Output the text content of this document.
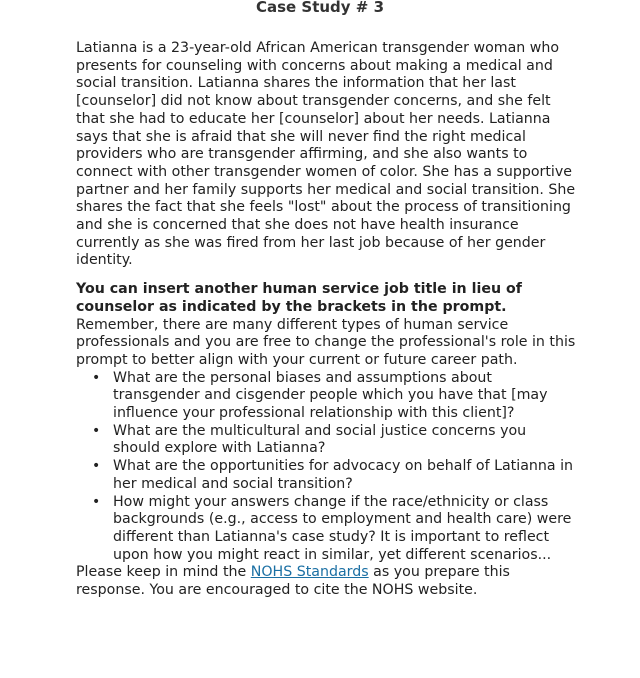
Case Study # 3

Latianna is a 23-year-old African American transgender woman who presents for counseling with concerns about making a medical and social transition. Latianna shares the information that her last [counselor] did not know about transgender concerns, and she felt that she had to educate her [counselor] about her needs. Latianna says that she is afraid that she will never find the right medical providers who are transgender affirming, and she also wants to connect with other transgender women of color. She has a supportive partner and her family supports her medical and social transition. She shares the fact that she feels "lost" about the process of transitioning and she is concerned that she does not have health insurance currently as she was fired from her last job because of her gender identity.

You can insert another human service job title in lieu of counselor as indicated by the brackets in the prompt. Remember, there are many different types of human service professionals and you are free to change the professional's role in this prompt to better align with your current or future career path.

• What are the personal biases and assumptions about transgender and cisgender people which you have that [may influence your professional relationship with this client]?
• What are the multicultural and social justice concerns you should explore with Latianna?
• What are the opportunities for advocacy on behalf of Latianna in her medical and social transition?
• How might your answers change if the race/ethnicity or class backgrounds (e.g., access to employment and health care) were different than Latianna's case study? It is important to reflect upon how you might react in similar, yet different scenarios...

Please keep in mind the NOHS Standards as you prepare this response. You are encouraged to cite the NOHS website.
